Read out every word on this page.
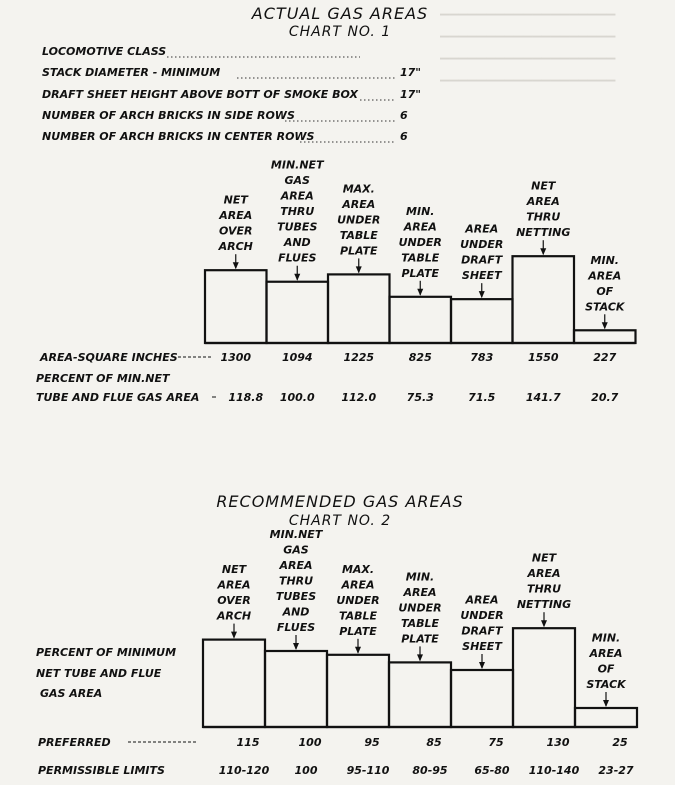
▔▔▔▔▔▔▔▔▔▔▔▔▔▔▔▔▔▔▔
▔▔▔▔▔▔▔▔▔▔▔▔▔▔▔▔▔▔▔
▔▔▔▔▔▔▔▔▔▔▔▔▔▔▔▔▔▔▔
▔▔▔▔▔▔▔▔▔▔▔▔▔▔▔▔▔▔▔
ACTUAL GAS AREAS
CHART NO. 1
LOCOMOTIVE CLASS
STACK DIAMETER - MINIMUM	17"
DRAFT SHEET HEIGHT ABOVE BOTT OF SMOKE BOX	17"
NUMBER OF ARCH BRICKS IN SIDE ROWS	6
NUMBER OF ARCH BRICKS IN CENTER ROWS	6
NET
AREA
OVER
ARCH
MIN.NET
GAS
AREA
THRU
TUBES
AND
FLUES
MAX.
AREA
UNDER
TABLE
PLATE
MIN.
AREA
UNDER
TABLE
PLATE
AREA
UNDER
DRAFT
SHEET
NET
AREA
THRU
NETTING
MIN.
AREA
OF
STACK
AREA-SQUARE INCHES	1300	1094	1225	825	783	1550	227
PERCENT OF MIN.NET
TUBE AND FLUE GAS AREA	118.8 100.0 112.0	75.3	71.5	141.7	20.7
RECOMMENDED GAS AREAS
CHART NO. 2
NET
AREA
OVER
ARCH
MIN.NET
GAS
AREA
THRU
TUBES
AND
FLUES
MAX.
AREA
UNDER
TABLE
PLATE
MIN.
AREA
UNDER
TABLE
PLATE
AREA
UNDER
DRAFT
SHEET
NET
AREA
THRU
NETTING
MIN.
AREA
OF
STACK
PERCENT OF MINIMUM
NET TUBE AND FLUE
GAS AREA
PREFERRED	115	100	95	85	75	130	25
PERMISSIBLE LIMITS	110-120 100	95-110 80-95 65-80 110-140 23-27
